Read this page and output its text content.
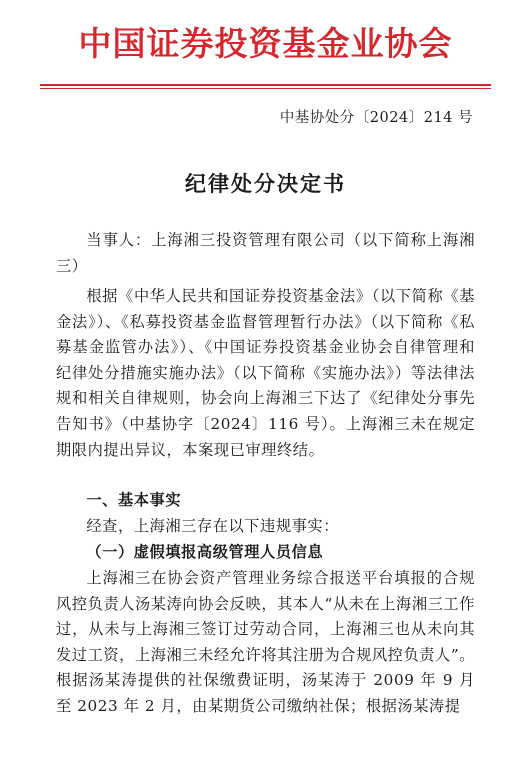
中国证券投资基金业协会
中基协处分〔2024〕214 号
纪律处分决定书
当事人：上海湘三投资管理有限公司（以下简称上海湘三）
根据《中华人民共和国证券投资基金法》（以下简称《基金法》）、《私募投资基金监督管理暂行办法》（以下简称《私募基金监管办法》）、《中国证券投资基金业协会自律管理和纪律处分措施实施办法》（以下简称《实施办法》）等法律法规和相关自律规则，协会向上海湘三下达了《纪律处分事先告知书》（中基协字〔2024〕116 号）。上海湘三未在规定期限内提出异议，本案现已审理终结。
一、基本事实
经查，上海湘三存在以下违规事实：
（一）虚假填报高级管理人员信息
上海湘三在协会资产管理业务综合报送平台填报的合规风控负责人汤某涛向协会反映，其本人“从未在上海湘三工作过，从未与上海湘三签订过劳动合同，上海湘三也从未向其发过工资，上海湘三未经允许将其注册为合规风控负责人”。根据汤某涛提供的社保缴费证明，汤某涛于 2009 年 9 月至 2023 年 2 月，由某期货公司缴纳社保；根据汤某涛提
